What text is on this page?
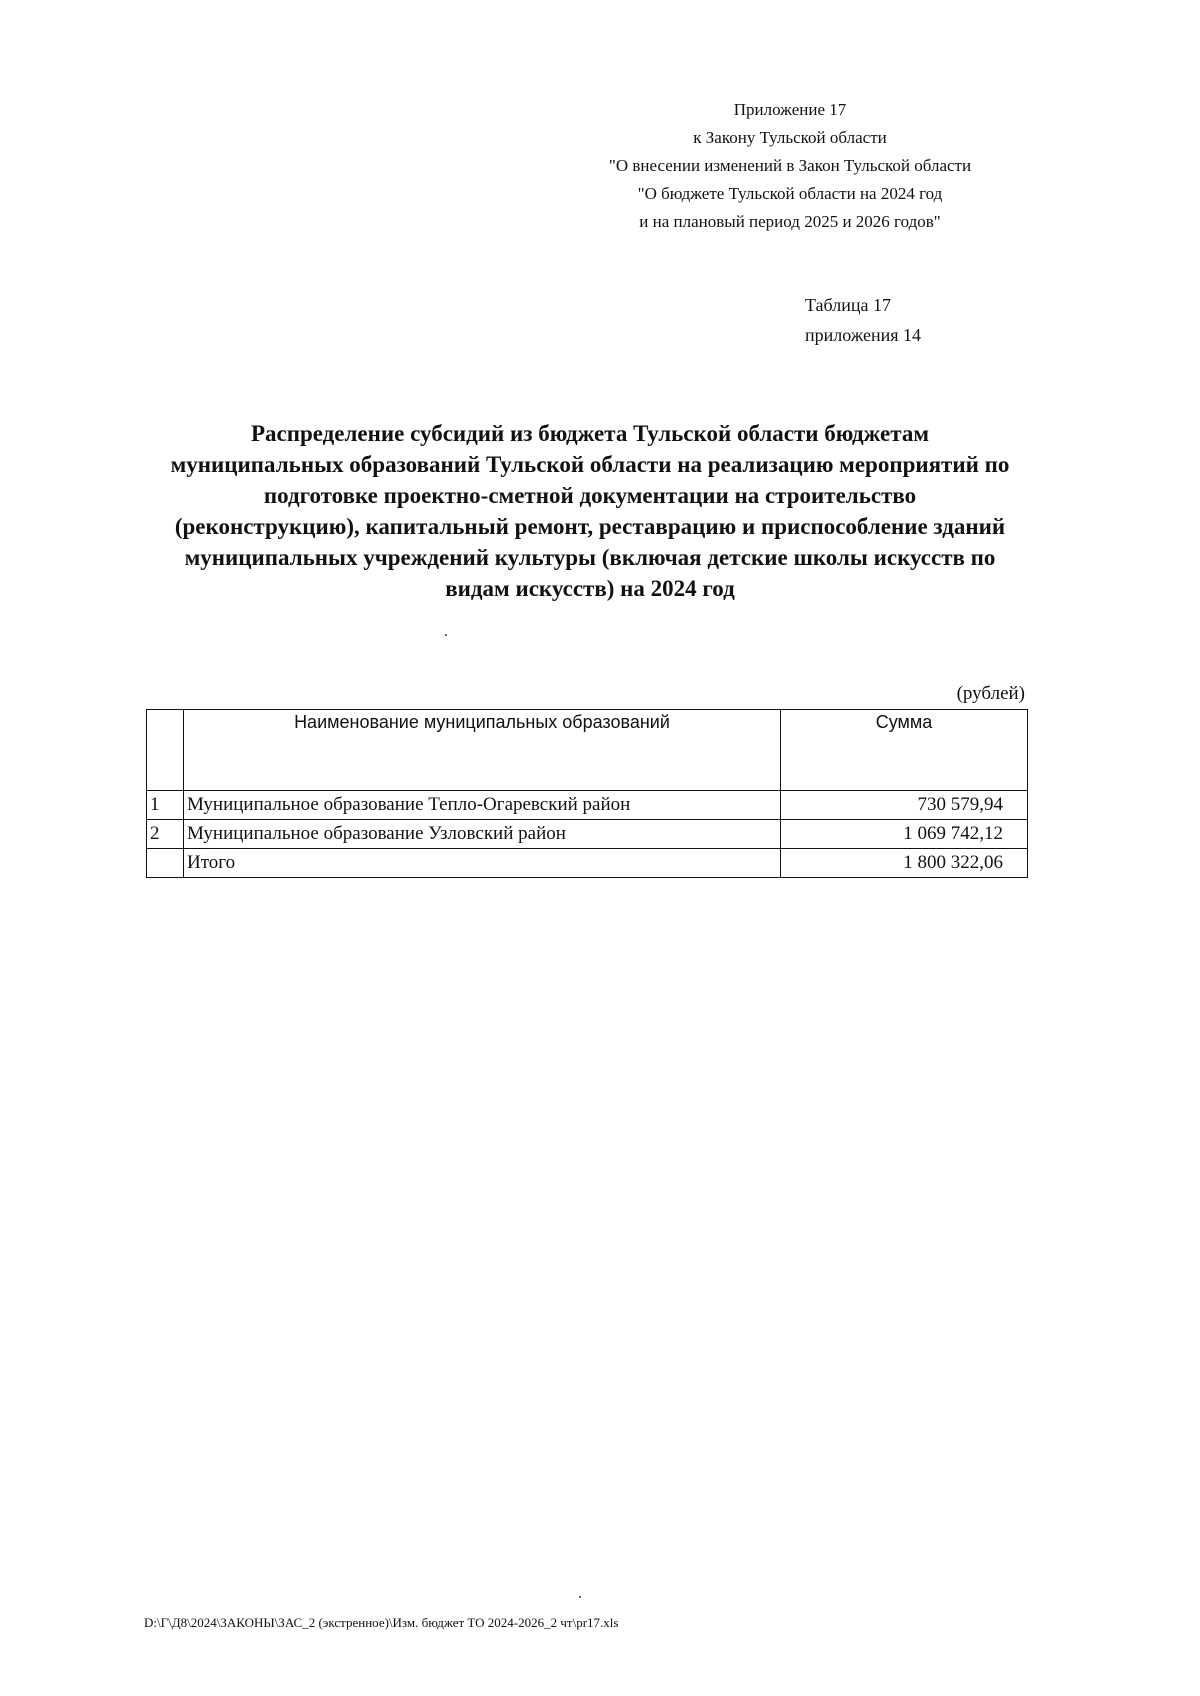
Приложение 17
к Закону Тульской области
"О внесении изменений в Закон Тульской области
"О бюджете Тульской области на 2024 год
и на плановый период 2025 и 2026 годов"
Таблица 17
приложения 14
Распределение субсидий из бюджета Тульской области бюджетам
муниципальных образований Тульской области на реализацию мероприятий по
подготовке проектно-сметной документации на строительство
(реконструкцию), капитальный ремонт, реставрацию и приспособление зданий
муниципальных учреждений культуры (включая детские школы искусств по
видам искусств) на 2024 год
(рублей)
	Наименование муниципальных образований	Сумма
1	Муниципальное образование Тепло-Огаревский район	730 579,94
2	Муниципальное образование Узловский район	1 069 742,12
	Итого	1 800 322,06
D:\Г\Д8\2024\ЗАКОНЫ\ЗАС_2 (экстренное)\Изм. бюджет ТО 2024-2026_2 чт\pr17.xls
